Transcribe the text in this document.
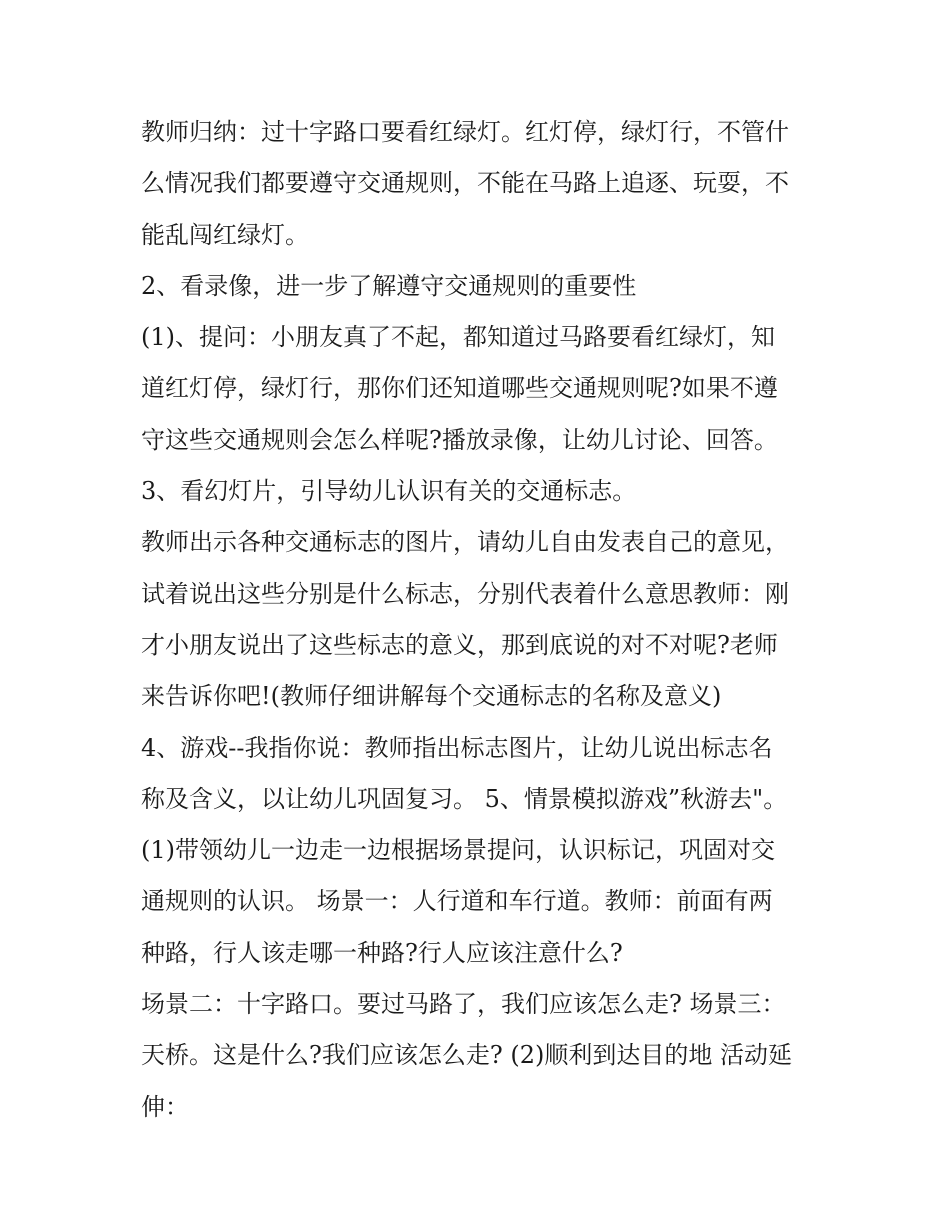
教师归纳：过十字路口要看红绿灯。红灯停，绿灯行，不管什
么情况我们都要遵守交通规则，不能在马路上追逐、玩耍，不
能乱闯红绿灯。
2、看录像，进一步了解遵守交通规则的重要性
(1)、提问：小朋友真了不起，都知道过马路要看红绿灯，知
道红灯停，绿灯行，那你们还知道哪些交通规则呢?如果不遵
守这些交通规则会怎么样呢?播放录像，让幼儿讨论、回答。
3、看幻灯片，引导幼儿认识有关的交通标志。
教师出示各种交通标志的图片，请幼儿自由发表自己的意见，
试着说出这些分别是什么标志，分别代表着什么意思教师：刚
才小朋友说出了这些标志的意义，那到底说的对不对呢?老师
来告诉你吧!(教师仔细讲解每个交通标志的名称及意义)
4、游戏--我指你说：教师指出标志图片，让幼儿说出标志名
称及含义，以让幼儿巩固复习。 5、情景模拟游戏”秋游去"。
(1)带领幼儿一边走一边根据场景提问，认识标记，巩固对交
通规则的认识。 场景一：人行道和车行道。教师：前面有两
种路，行人该走哪一种路?行人应该注意什么?
场景二：十字路口。要过马路了，我们应该怎么走? 场景三：
天桥。这是什么?我们应该怎么走? (2)顺利到达目的地 活动延
伸：
